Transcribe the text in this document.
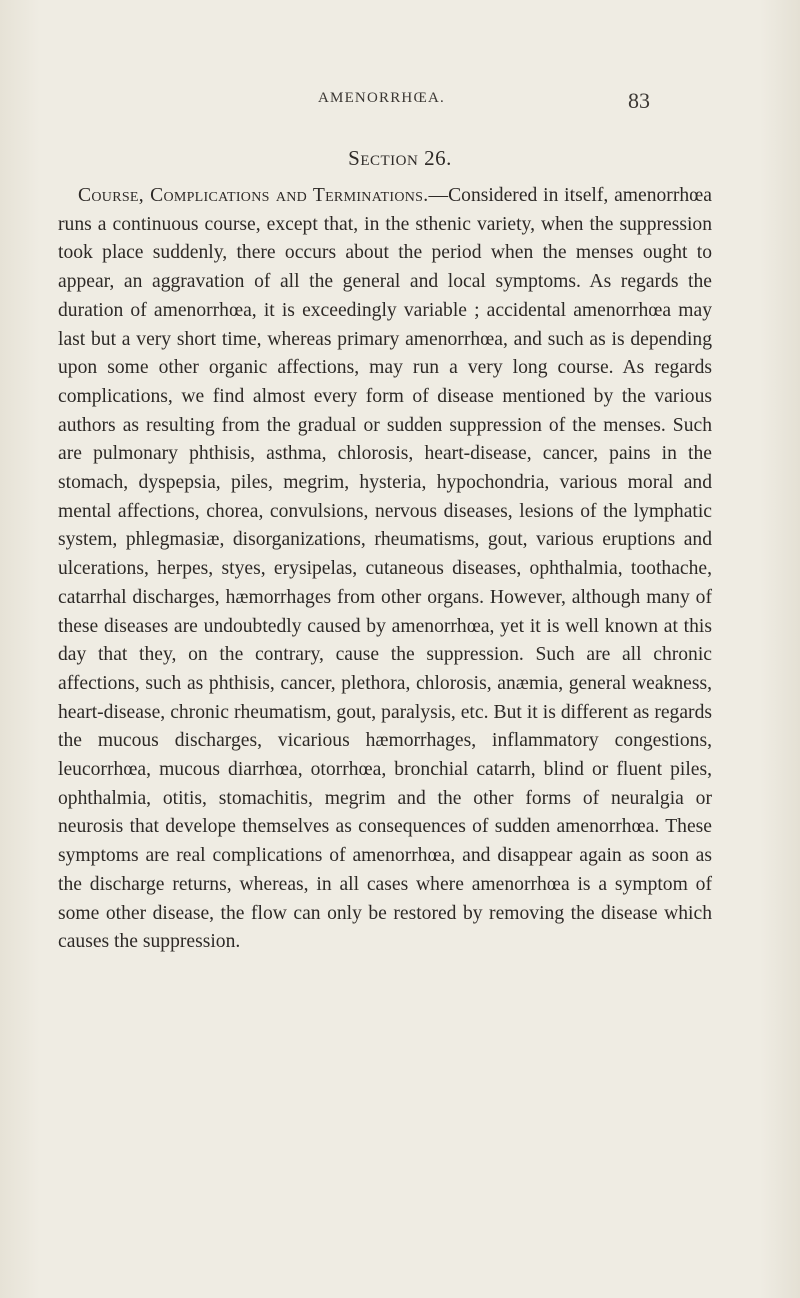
AMENORRHŒA.	83
Section 26.

Course, Complications and Terminations.—Considered in itself, amenorrhœa runs a continuous course, except that, in the sthenic variety, when the suppression took place suddenly, there occurs about the period when the menses ought to appear, an aggravation of all the general and local symptoms. As regards the duration of amenorrhœa, it is exceedingly variable ; accidental amenorrhœa may last but a very short time, whereas primary amenorrhœa, and such as is depending upon some other organic affections, may run a very long course. As regards complications, we find almost every form of disease mentioned by the various authors as resulting from the gradual or sudden suppression of the menses. Such are pulmonary phthisis, asthma, chlorosis, heart-disease, cancer, pains in the stomach, dyspepsia, piles, megrim, hysteria, hypochondria, various moral and mental affections, chorea, convulsions, nervous diseases, lesions of the lymphatic system, phlegmasiæ, disorganizations, rheumatisms, gout, various eruptions and ulcerations, herpes, styes, erysipelas, cutaneous diseases, ophthalmia, toothache, catarrhal discharges, hæmorrhages from other organs. However, although many of these diseases are undoubtedly caused by amenorrhœa, yet it is well known at this day that they, on the contrary, cause the suppression. Such are all chronic affections, such as phthisis, cancer, plethora, chlorosis, anæmia, general weakness, heart-disease, chronic rheumatism, gout, paralysis, etc. But it is different as regards the mucous discharges, vicarious hæmorrhages, inflammatory congestions, leucorrhœa, mucous diarrhœa, otorrhœa, bronchial catarrh, blind or fluent piles, ophthalmia, otitis, stomachitis, megrim and the other forms of neuralgia or neurosis that develope themselves as consequences of sudden amenorrhœa. These symptoms are real complications of amenorrhœa, and disappear again as soon as the discharge returns, whereas, in all cases where amenorrhœa is a symptom of some other disease, the flow can only be restored by removing the disease which causes the suppression.
